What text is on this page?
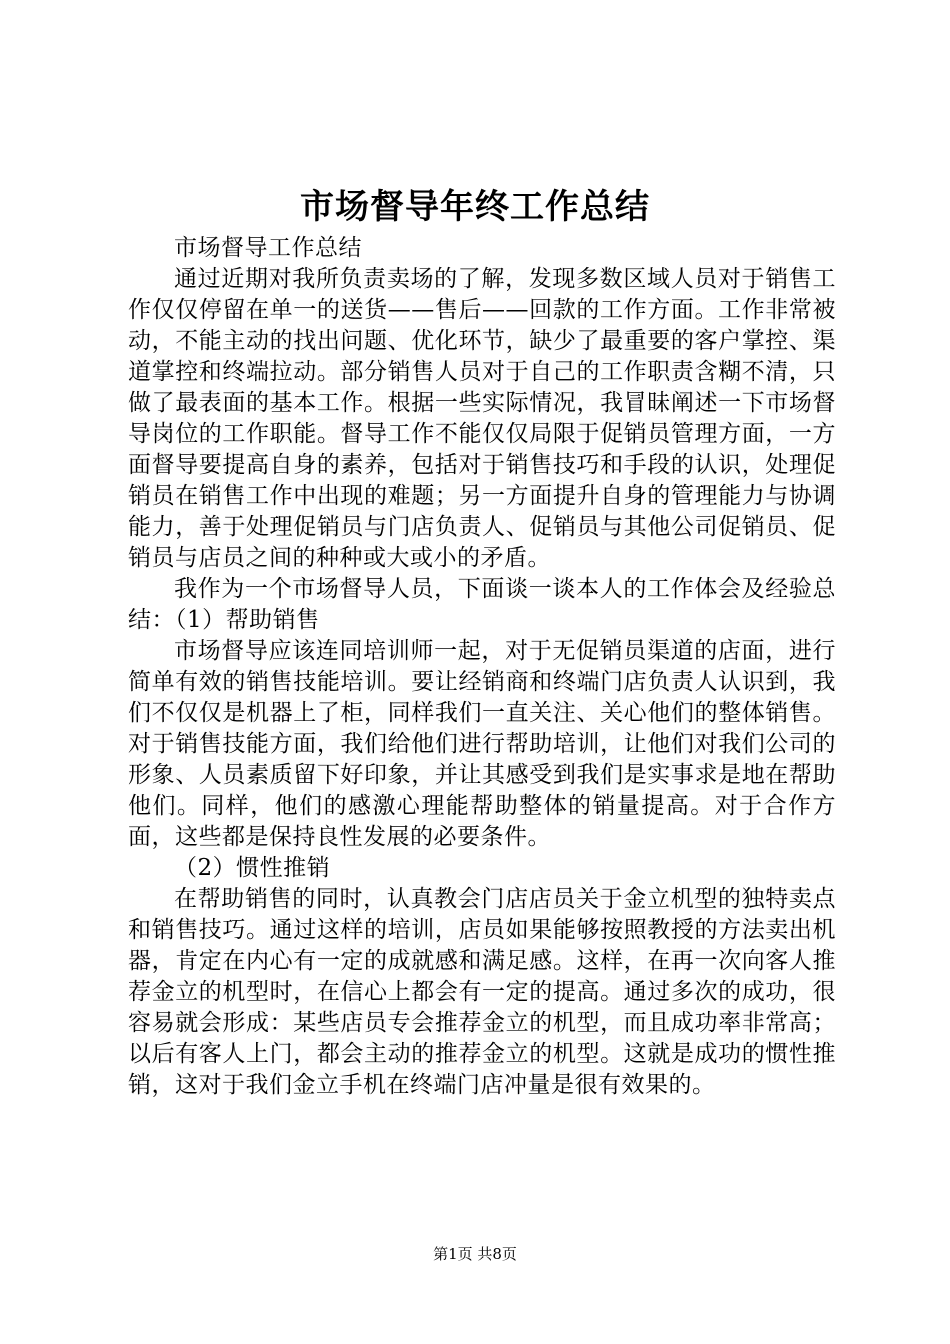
市场督导年终工作总结

市场督导工作总结

通过近期对我所负责卖场的了解，发现多数区域人员对于销售工作仅仅停留在单一的送货——售后——回款的工作方面。工作非常被动，不能主动的找出问题、优化环节，缺少了最重要的客户掌控、渠道掌控和终端拉动。部分销售人员对于自己的工作职责含糊不清，只做了最表面的基本工作。根据一些实际情况，我冒昧阐述一下市场督导岗位的工作职能。督导工作不能仅仅局限于促销员管理方面，一方面督导要提高自身的素养，包括对于销售技巧和手段的认识，处理促销员在销售工作中出现的难题；另一方面提升自身的管理能力与协调能力，善于处理促销员与门店负责人、促销员与其他公司促销员、促销员与店员之间的种种或大或小的矛盾。

我作为一个市场督导人员，下面谈一谈本人的工作体会及经验总结：（1）帮助销售

市场督导应该连同培训师一起，对于无促销员渠道的店面，进行简单有效的销售技能培训。要让经销商和终端门店负责人认识到，我们不仅仅是机器上了柜，同样我们一直关注、关心他们的整体销售。对于销售技能方面，我们给他们进行帮助培训，让他们对我们公司的形象、人员素质留下好印象，并让其感受到我们是实事求是地在帮助他们。同样，他们的感激心理能帮助整体的销量提高。对于合作方面，这些都是保持良性发展的必要条件。

（2）惯性推销

在帮助销售的同时，认真教会门店店员关于金立机型的独特卖点和销售技巧。通过这样的培训，店员如果能够按照教授的方法卖出机器，肯定在内心有一定的成就感和满足感。这样，在再一次向客人推荐金立的机型时，在信心上都会有一定的提高。通过多次的成功，很容易就会形成：某些店员专会推荐金立的机型，而且成功率非常高；以后有客人上门，都会主动的推荐金立的机型。这就是成功的惯性推销，这对于我们金立手机在终端门店冲量是很有效果的。

第1页 共8页
